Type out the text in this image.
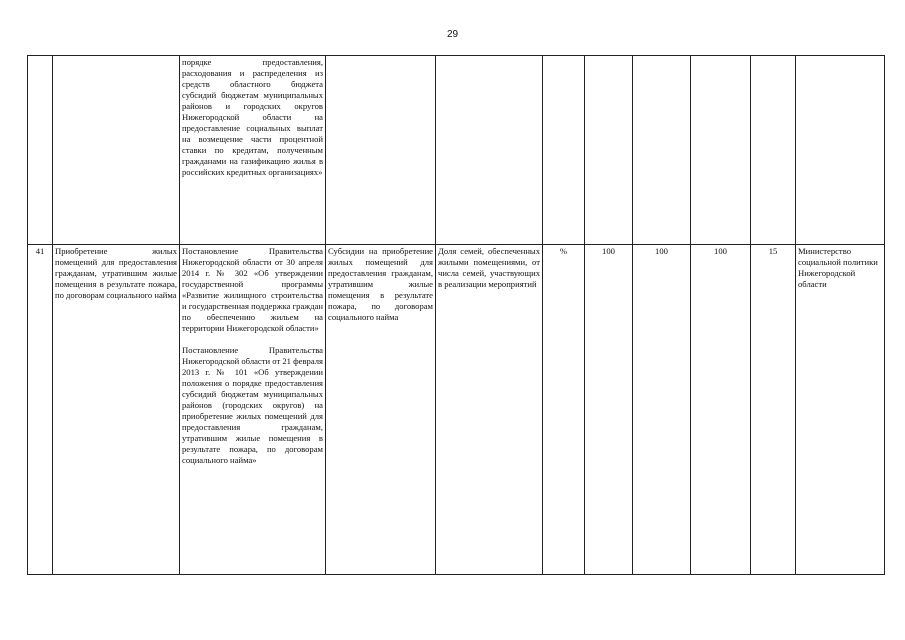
29
		порядке предоставления, расходования и распределения из средств областного бюджета субсидий бюджетам муниципальных районов и городских округов Нижегородской области на предоставление социальных выплат на возмещение части процентной ставки по кредитам, полученным гражданами на газификацию жилья в российских кредитных организациях»								
41	Приобретение жилых помещений для предоставления гражданам, утратившим жилые помещения в результате пожара, по договорам социального найма	Постановление Правительства Нижегородской области от 30 апреля 2014 г. № 302 «Об утверждении государственной программы «Развитие жилищного строительства и государственная поддержка граждан по обеспечению жильем на территории Нижегородской области»
Постановление Правительства Нижегородской области от 21 февраля 2013 г. № 101 «Об утверждении положения о порядке предоставления субсидий бюджетам муниципальных районов (городских округов) на приобретение жилых помещений для предоставления гражданам, утратившим жилые помещения в результате пожара, по договорам социального найма»	Субсидии на приобретение жилых помещений для предоставления гражданам, утратившим жилые помещения в результате пожара, по договорам социального найма	Доля семей, обеспеченных жилыми помещениями, от числа семей, участвующих в реализации мероприятий	%	100	100	100	15	Министерство социальной политики Нижегородской области
